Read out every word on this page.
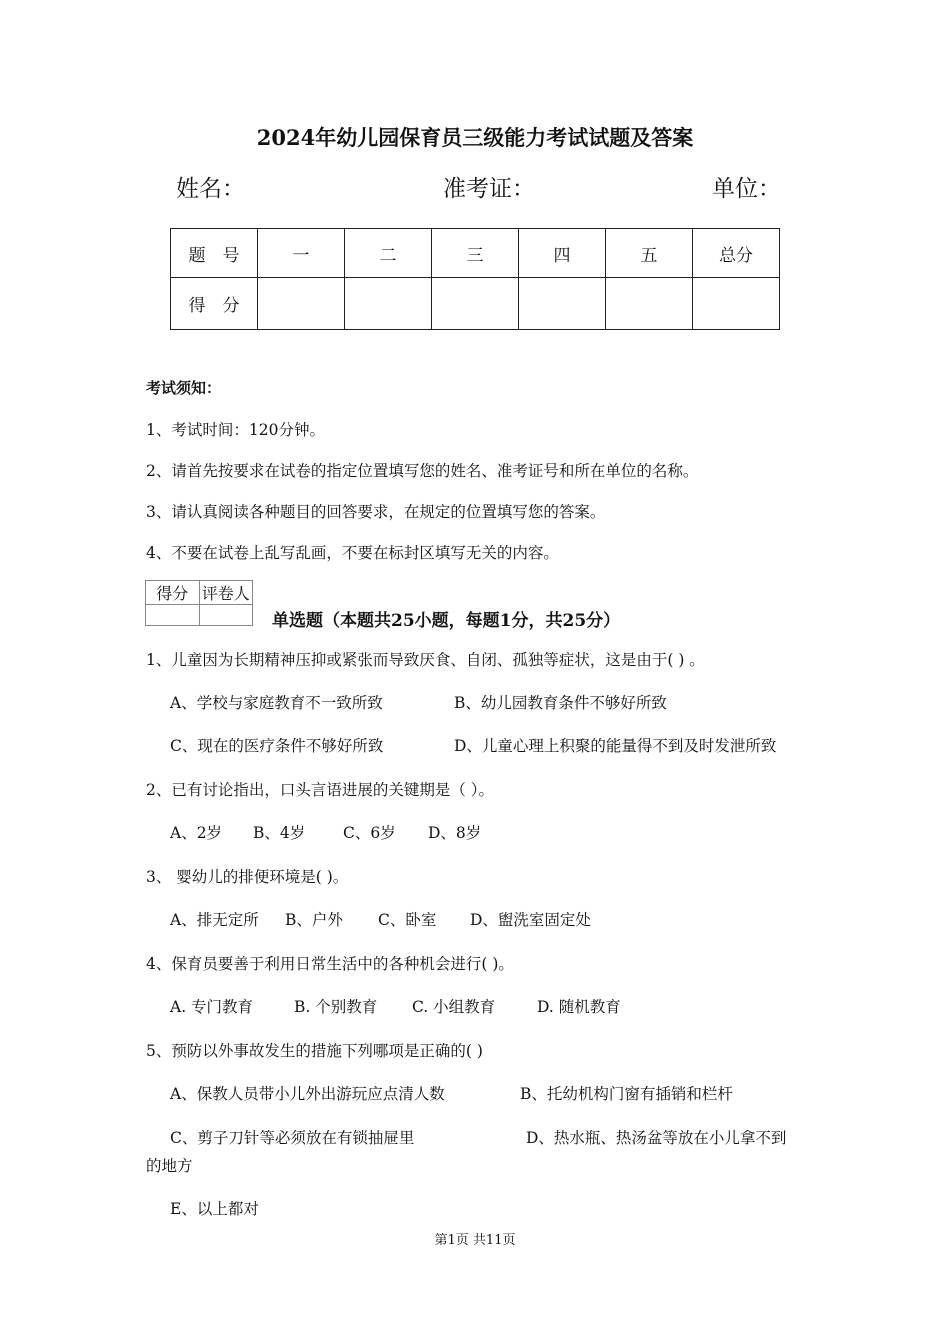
2024年幼儿园保育员三级能力考试试题及答案
姓名：	准考证：	单位：
题　号	一	二	三	四	五	总分
得　分						
考试须知：
1、考试时间：120分钟。
2、请首先按要求在试卷的指定位置填写您的姓名、准考证号和所在单位的名称。
3、请认真阅读各种题目的回答要求，在规定的位置填写您的答案。
4、不要在试卷上乱写乱画，不要在标封区填写无关的内容。
得分	评卷人

单选题（本题共25小题，每题1分，共25分）
1、儿童因为长期精神压抑或紧张而导致厌食、自闭、孤独等症状，这是由于( ) 。
A、学校与家庭教育不一致所致	B、幼儿园教育条件不够好所致
C、现在的医疗条件不够好所致	D、儿童心理上积聚的能量得不到及时发泄所致
2、已有讨论指出，口头言语进展的关键期是（ ）。
A、2岁 B、4岁 C、6岁 D、8岁
3、 婴幼儿的排便环境是( )。
A、排无定所 B、户外 C、卧室 D、盥洗室固定处
4、保育员要善于利用日常生活中的各种机会进行( )。
A. 专门教育	B. 个别教育 C. 小组教育	D. 随机教育
5、预防以外事故发生的措施下列哪项是正确的( )
A、保教人员带小儿外出游玩应点清人数	B、托幼机构门窗有插销和栏杆
C、剪子刀针等必须放在有锁抽屉里	D、热水瓶、热汤盆等放在小儿拿不到
的地方
E、以上都对
第1页 共11页
